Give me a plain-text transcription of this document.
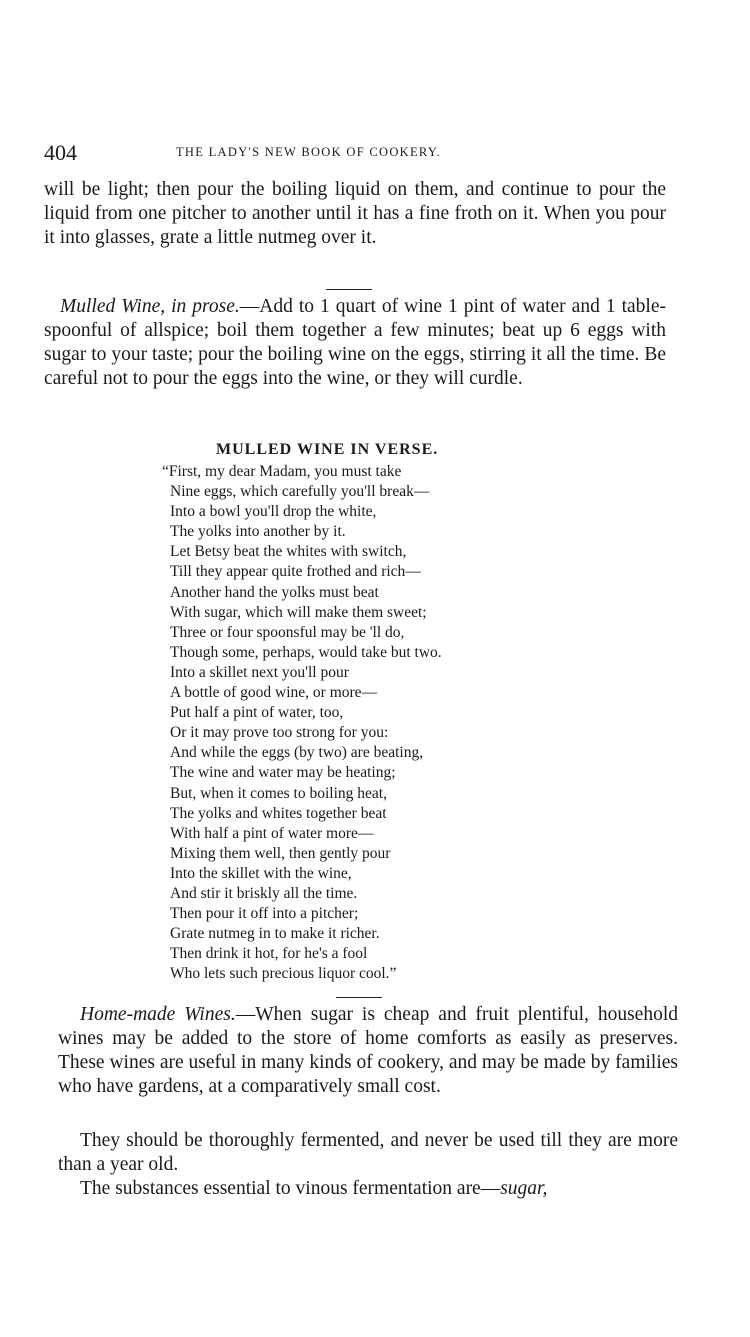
404	THE LADY'S NEW BOOK OF COOKERY.

will be light; then pour the boiling liquid on them, and continue to pour the liquid from one pitcher to another until it has a fine froth on it. When you pour it into glasses, grate a little nutmeg over it.

Mulled Wine, in prose.—Add to 1 quart of wine 1 pint of water and 1 table-spoonful of allspice; boil them together a few minutes; beat up 6 eggs with sugar to your taste; pour the boiling wine on the eggs, stirring it all the time. Be careful not to pour the eggs into the wine, or they will curdle.

MULLED WINE IN VERSE.
“First, my dear Madam, you must take
Nine eggs, which carefully you'll break—
Into a bowl you'll drop the white,
The yolks into another by it.
Let Betsy beat the whites with switch,
Till they appear quite frothed and rich—
Another hand the yolks must beat
With sugar, which will make them sweet;
Three or four spoonsful may be 'll do,
Though some, perhaps, would take but two.
Into a skillet next you'll pour
A bottle of good wine, or more—
Put half a pint of water, too,
Or it may prove too strong for you:
And while the eggs (by two) are beating,
The wine and water may be heating;
But, when it comes to boiling heat,
The yolks and whites together beat
With half a pint of water more—
Mixing them well, then gently pour
Into the skillet with the wine,
And stir it briskly all the time.
Then pour it off into a pitcher;
Grate nutmeg in to make it richer.
Then drink it hot, for he's a fool
Who lets such precious liquor cool.”

Home-made Wines.—When sugar is cheap and fruit plentiful, household wines may be added to the store of home comforts as easily as preserves. These wines are useful in many kinds of cookery, and may be made by families who have gardens, at a comparatively small cost.

They should be thoroughly fermented, and never be used till they are more than a year old.

The substances essential to vinous fermentation are—sugar,
